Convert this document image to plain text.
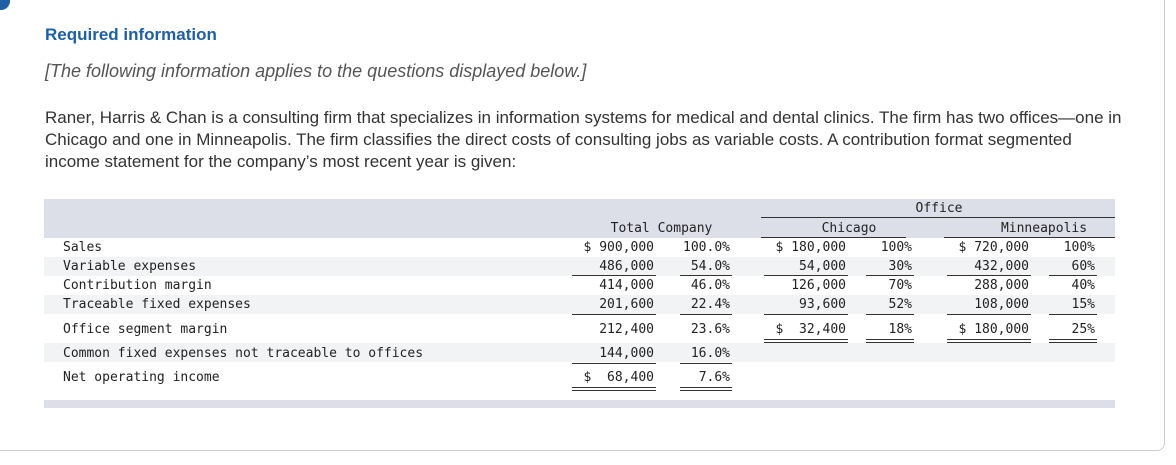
Required information
[The following information applies to the questions displayed below.]
Raner, Harris & Chan is a consulting firm that specializes in information systems for medical and dental clinics. The firm has two offices—one in Chicago and one in Minneapolis. The firm classifies the direct costs of consulting jobs as variable costs. A contribution format segmented income statement for the company’s most recent year is given:
Office
Total Company	Chicago	Minneapolis
Sales	$ 900,000	100.0%	$ 180,000	100%	$ 720,000	100%
Variable expenses	486,000	54.0%	54,000	30%	432,000	60%
Contribution margin	414,000	46.0%	126,000	70%	288,000	40%
Traceable fixed expenses	201,600	22.4%	93,600	52%	108,000	15%
Office segment margin	212,400	23.6%	$  32,400	18%	$ 180,000	25%
Common fixed expenses not traceable to offices	144,000	16.0%
Net operating income	$  68,400	7.6%
